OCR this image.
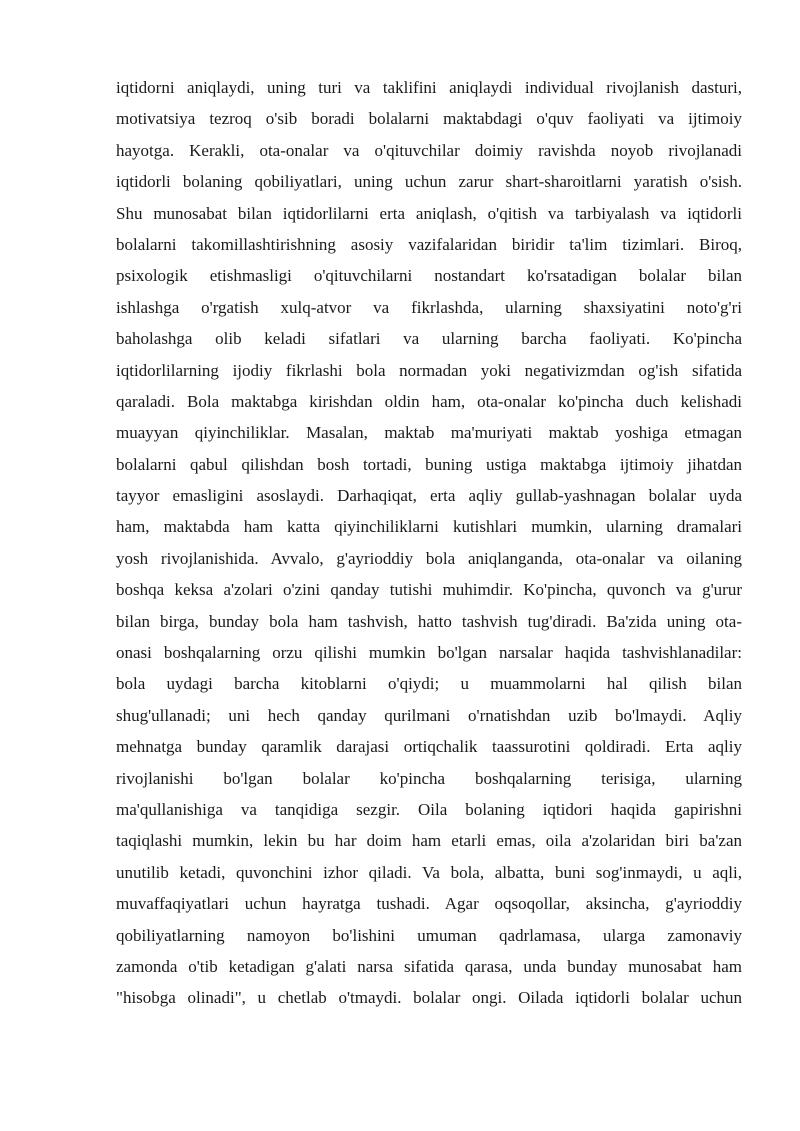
iqtidorni aniqlaydi, uning turi va taklifini aniqlaydi individual rivojlanish dasturi,
motivatsiya tezroq o'sib boradi bolalarni maktabdagi o'quv faoliyati va ijtimoiy
hayotga. Kerakli, ota-onalar va o'qituvchilar doimiy ravishda noyob rivojlanadi
iqtidorli bolaning qobiliyatlari, uning uchun zarur shart-sharoitlarni yaratish o'sish.
Shu munosabat bilan iqtidorlilarni erta aniqlash, o'qitish va tarbiyalash va iqtidorli
bolalarni takomillashtirishning asosiy vazifalaridan biridir ta'lim tizimlari. Biroq,
psixologik etishmasligi o'qituvchilarni nostandart ko'rsatadigan bolalar bilan
ishlashga o'rgatish xulq-atvor va fikrlashda, ularning shaxsiyatini noto'g'ri
baholashga olib keladi sifatlari va ularning barcha faoliyati. Ko'pincha
iqtidorlilarning ijodiy fikrlashi bola normadan yoki negativizmdan og'ish sifatida
qaraladi. Bola maktabga kirishdan oldin ham, ota-onalar ko'pincha duch kelishadi
muayyan qiyinchiliklar. Masalan, maktab ma'muriyati maktab yoshiga etmagan
bolalarni qabul qilishdan bosh tortadi, buning ustiga maktabga ijtimoiy jihatdan
tayyor emasligini asoslaydi. Darhaqiqat, erta aqliy gullab-yashnagan bolalar uyda
ham, maktabda ham katta qiyinchiliklarni kutishlari mumkin, ularning dramalari
yosh rivojlanishida. Avvalo, g'ayrioddiy bola aniqlanganda, ota-onalar va oilaning
boshqa keksa a'zolari o'zini qanday tutishi muhimdir. Ko'pincha, quvonch va g'urur
bilan birga, bunday bola ham tashvish, hatto tashvish tug'diradi. Ba'zida uning ota-
onasi boshqalarning orzu qilishi mumkin bo'lgan narsalar haqida tashvishlanadilar:
bola uydagi barcha kitoblarni o'qiydi; u muammolarni hal qilish bilan
shug'ullanadi; uni hech qanday qurilmani o'rnatishdan uzib bo'lmaydi. Aqliy
mehnatga bunday qaramlik darajasi ortiqchalik taassurotini qoldiradi. Erta aqliy
rivojlanishi bo'lgan bolalar ko'pincha boshqalarning terisiga, ularning
ma'qullanishiga va tanqidiga sezgir. Oila bolaning iqtidori haqida gapirishni
taqiqlashi mumkin, lekin bu har doim ham etarli emas, oila a'zolaridan biri ba'zan
unutilib ketadi, quvonchini izhor qiladi. Va bola, albatta, buni sog'inmaydi, u aqli,
muvaffaqiyatlari uchun hayratga tushadi. Agar oqsoqollar, aksincha, g'ayrioddiy
qobiliyatlarning namoyon bo'lishini umuman qadrlamasa, ularga zamonaviy
zamonda o'tib ketadigan g'alati narsa sifatida qarasa, unda bunday munosabat ham
"hisobga olinadi", u chetlab o'tmaydi. bolalar ongi. Oilada iqtidorli bolalar uchun
